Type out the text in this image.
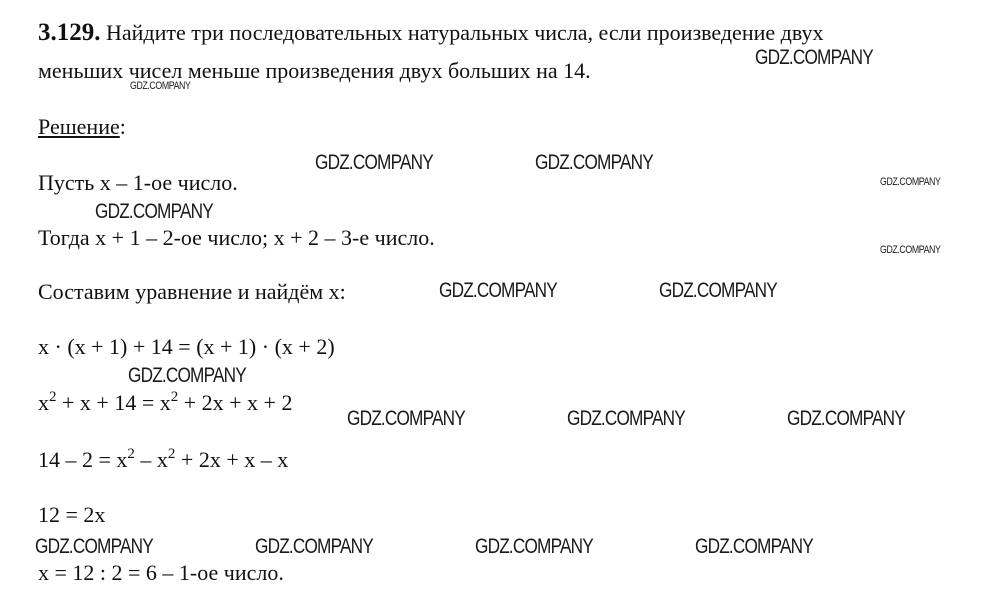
3.129. Найдите три последовательных натуральных числа, если произведение двух
меньших чисел меньше произведения двух больших на 14.
Решение:
Пусть x – 1-ое число.
Тогда x + 1 – 2-ое число; x + 2 – 3-е число.
Составим уравнение и найдём x:
x · (x + 1) + 14 = (x + 1) · (x + 2)
$x^2 + x + 14 = x^2 + 2x + x + 2$
$14 - 2 = x^2 - x^2 + 2x + x - x$
12 = 2x
x = 12 : 2 = 6 – 1-ое число.
GDZ.COMPANY
GDZ.COMPANY
GDZ.COMPANY	GDZ.COMPANY
GDZ.COMPANY
GDZ.COMPANY
GDZ.COMPANY
GDZ.COMPANY	GDZ.COMPANY
GDZ.COMPANY
GDZ.COMPANY	GDZ.COMPANY	GDZ.COMPANY
GDZ.COMPANY	GDZ.COMPANY	GDZ.COMPANY	GDZ.COMPANY
